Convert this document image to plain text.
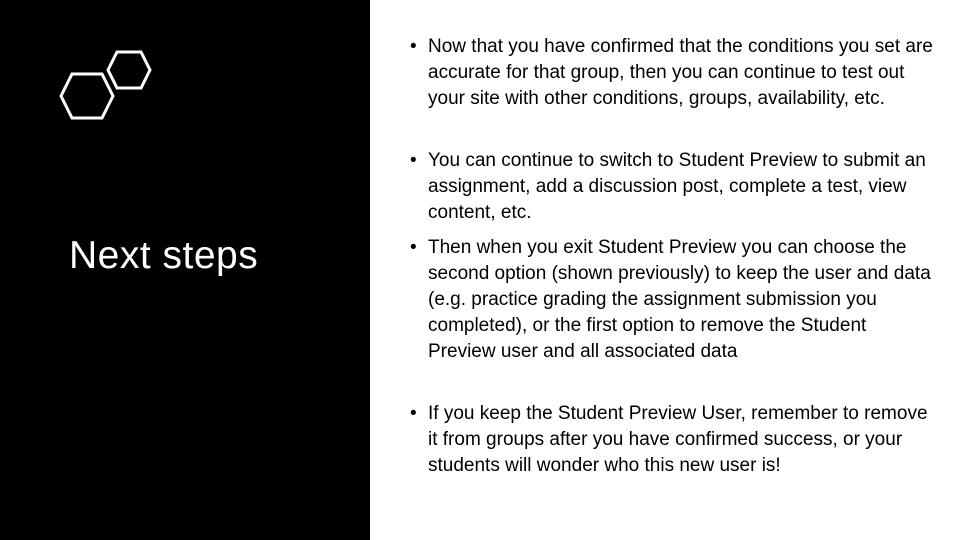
Next steps
• Now that you have confirmed that the conditions you set are accurate for that group, then you can continue to test out your site with other conditions, groups, availability, etc.
• You can continue to switch to Student Preview to submit an assignment, add a discussion post, complete a test, view content, etc.
• Then when you exit Student Preview you can choose the second option (shown previously) to keep the user and data (e.g. practice grading the assignment submission you completed), or the first option to remove the Student Preview user and all associated data
• If you keep the Student Preview User, remember to remove it from groups after you have confirmed success, or your students will wonder who this new user is!
